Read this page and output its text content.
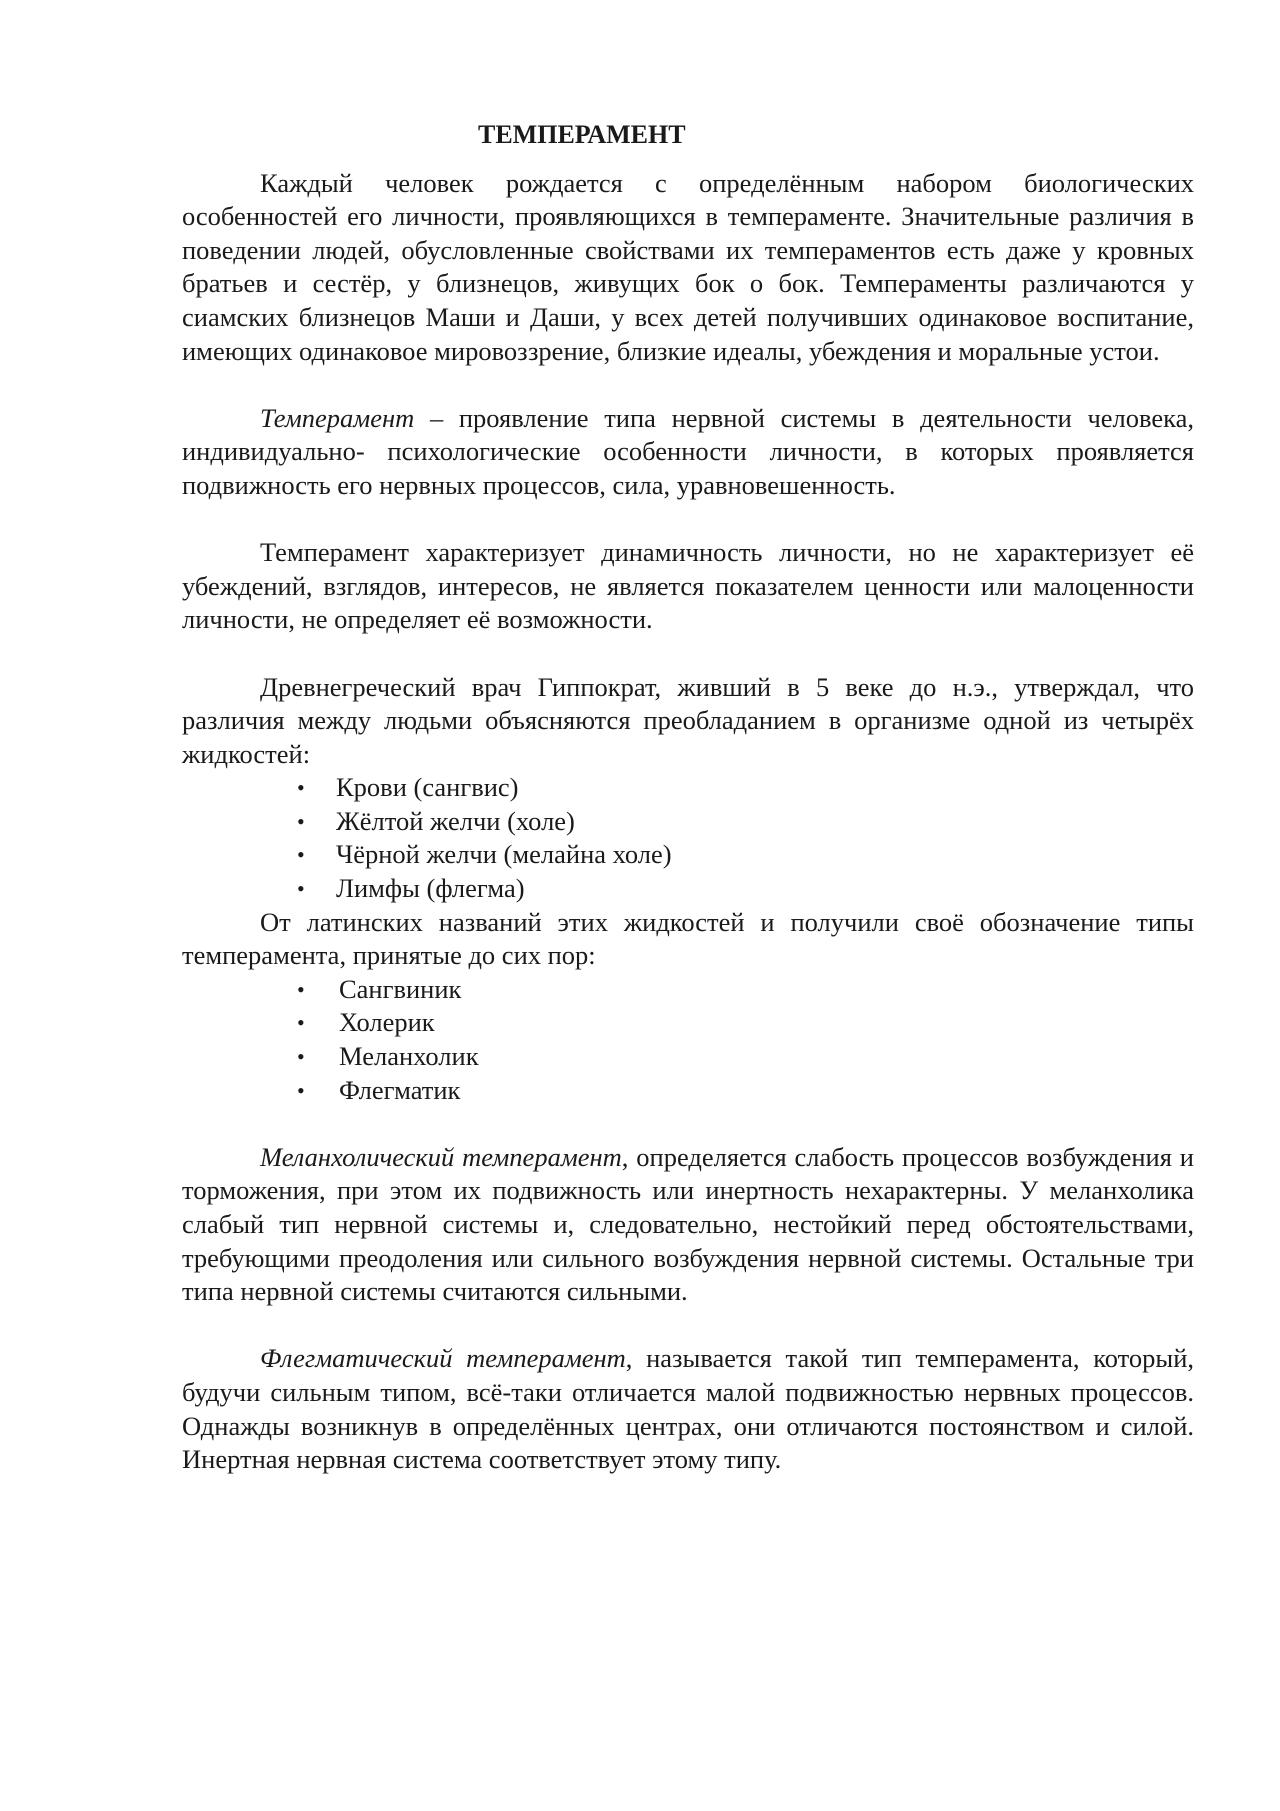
ТЕМПЕРАМЕНТ

Каждый человек рождается с определённым набором биологических особенностей его личности, проявляющихся в темпераменте. Значительные различия в поведении людей, обусловленные свойствами их темпераментов есть даже у кровных братьев и сестёр, у близнецов, живущих бок о бок. Темпераменты различаются у сиамских близнецов Маши и Даши, у всех детей получивших одинаковое воспитание, имеющих одинаковое мировоззрение, близкие идеалы, убеждения и моральные устои.

Темперамент – проявление типа нервной системы в деятельности человека, индивидуально- психологические особенности личности, в которых проявляется подвижность его нервных процессов, сила, уравновешенность.

Темперамент характеризует динамичность личности, но не характеризует её убеждений, взглядов, интересов, не является показателем ценности или малоценности личности, не определяет её возможности.

Древнегреческий врач Гиппократ, живший в 5 веке до н.э., утверждал, что различия между людьми объясняются преобладанием в организме одной из четырёх жидкостей:

• Крови (сангвис)
• Жёлтой желчи (холе)
• Чёрной желчи (мелайна холе)
• Лимфы (флегма)

От латинских названий этих жидкостей и получили своё обозначение типы темперамента, принятые до сих пор:

• Сангвиник
• Холерик
• Меланхолик
• Флегматик

Меланхолический темперамент, определяется слабость процессов возбуждения и торможения, при этом их подвижность или инертность нехарактерны. У меланхолика слабый тип нервной системы и, следовательно, нестойкий перед обстоятельствами, требующими преодоления или сильного возбуждения нервной системы. Остальные три типа нервной системы считаются сильными.

Флегматический темперамент, называется такой тип темперамента, который, будучи сильным типом, всё-таки отличается малой подвижностью нервных процессов. Однажды возникнув в определённых центрах, они отличаются постоянством и силой. Инертная нервная система соответствует этому типу.
